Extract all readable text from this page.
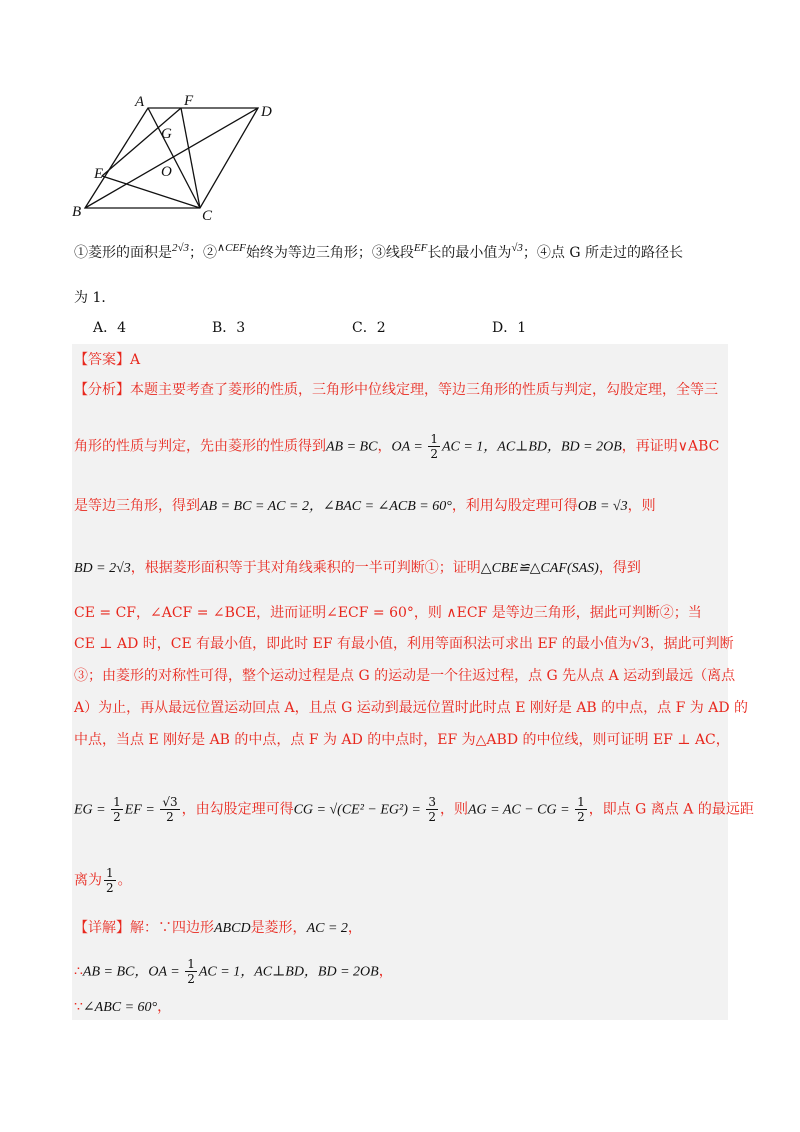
A	F
D
G
E	O
B	C
①菱形的面积是$^{2√3}$；②$^{\wedge CEF}$始终为等边三角形；③线段$^{EF}$长的最小值为$^{√3}$；④点 G 所走过的路径长
为 1．
A．4	B．3	C．2	D．1
【答案】A
【分析】本题主要考查了菱形的性质，三角形中位线定理，等边三角形的性质与判定，勾股定理，全等三
角形的性质与判定，先由菱形的性质得到AB = BC，OA = $\frac{1}{2}$ AC = 1，AC⊥BD，BD = 2OB，再证明∨ABC
是等边三角形，得到AB = BC = AC = 2，∠BAC = ∠ACB = 60°，利用勾股定理可得OB = √3，则
BD = 2√3，根据菱形面积等于其对角线乘积的一半可判断①；证明△CBE≌△CAF(SAS)，得到
CE = CF，∠ACF = ∠BCE，进而证明∠ECF = 60°，则 ∧ECF 是等边三角形，据此可判断②；当
CE ⊥ AD 时，CE 有最小值，即此时 EF 有最小值，利用等面积法可求出 EF 的最小值为√3，据此可判断
③；由菱形的对称性可得，整个运动过程是点 G 的运动是一个往返过程，点 G 先从点 A 运动到最远（离点
A）为止，再从最远位置运动回点 A，且点 G 运动到最远位置时此时点 E 刚好是 AB 的中点，点 F 为 AD 的
中点，当点 E 刚好是 AB 的中点，点 F 为 AD 的中点时，EF 为△ABD 的中位线，则可证明 EF ⊥ AC，
EG = $\frac{1}{2}$ EF = $\frac{√3}{2}$ ，由勾股定理可得CG = $√(CE^2 - EG^2) = \frac{3}{2}$ ，则AG = AC − CG = $\frac{1}{2}$ ，即点 G 离点 A 的最远距
离为 $\frac{1}{2}$ 。
【详解】解：∵四边形ABCD是菱形，AC = 2，
∴AB = BC，OA = $\frac{1}{2}$ AC = 1，AC⊥BD，BD = 2OB，
∵∠ABC = 60°，
